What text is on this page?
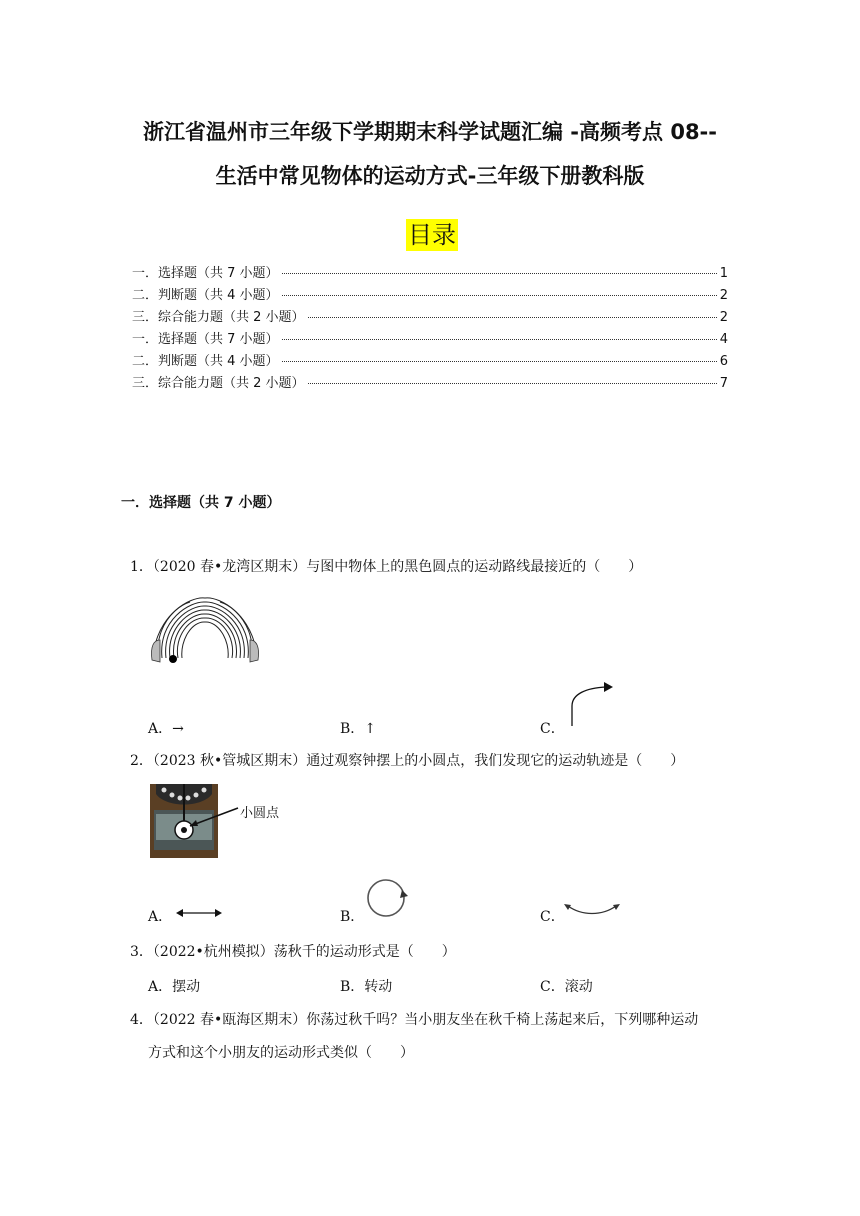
浙江省温州市三年级下学期期末科学试题汇编 -高频考点 08--
生活中常见物体的运动方式-三年级下册教科版
目录
一．选择题（共 7 小题）	1
二．判断题（共 4 小题）	2
三．综合能力题（共 2 小题）	2
一．选择题（共 7 小题）	4
二．判断题（共 4 小题）	6
三．综合能力题（共 2 小题）	7
一．选择题（共 7 小题）
1．（2020 春•龙湾区期末）与图中物体上的黑色圆点的运动路线最接近的（　　）
A．→	B．↑	C．
2．（2023 秋•管城区期末）通过观察钟摆上的小圆点，我们发现它的运动轨迹是（　　）
小圆点
A．	B．	C．
3．（2022•杭州模拟）荡秋千的运动形式是（　　）
A．摆动	B．转动	C．滚动
4．（2022 春•瓯海区期末）你荡过秋千吗？当小朋友坐在秋千椅上荡起来后，下列哪种运动
方式和这个小朋友的运动形式类似（　　）
